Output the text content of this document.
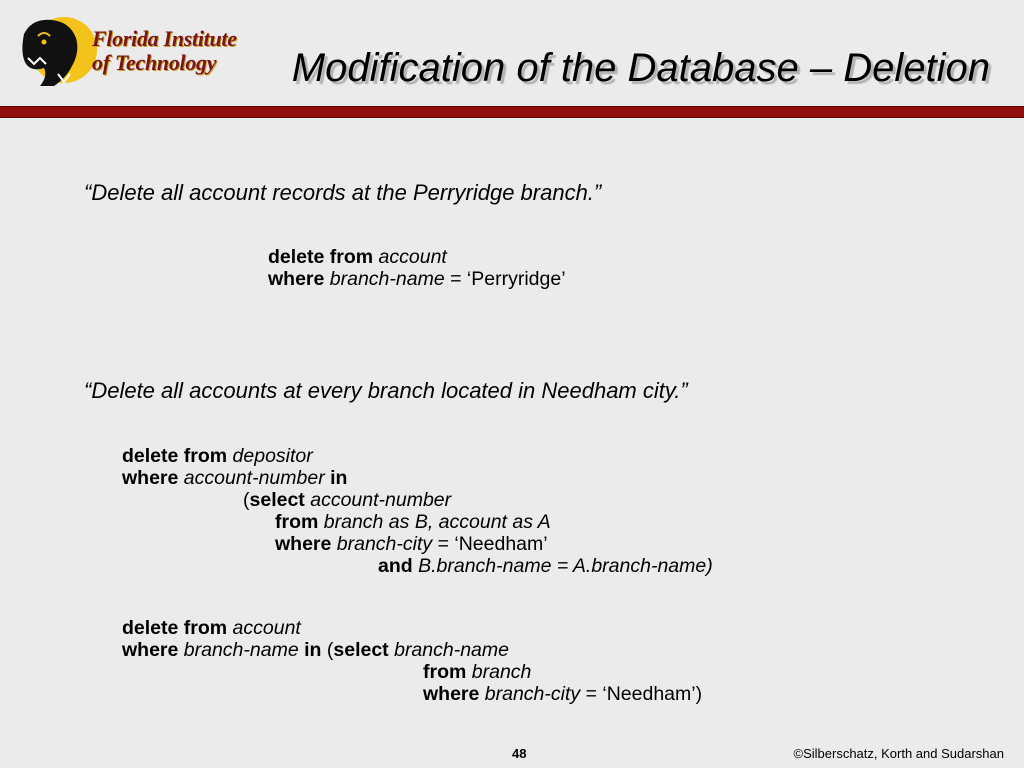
Florida Institute
of Technology Modification of the Database – Deletion
“Delete all account records at the Perryridge branch.”
delete from account
where branch-name = ‘Perryridge’
“Delete all accounts at every branch located in Needham city.”
delete from depositor
where account-number in
(select account-number
from branch as B, account as A
where branch-city = ‘Needham’
and B.branch-name = A.branch-name)
delete from account
where branch-name in (select branch-name
from branch
where branch-city = ‘Needham’)
48	©Silberschatz, Korth and Sudarshan
